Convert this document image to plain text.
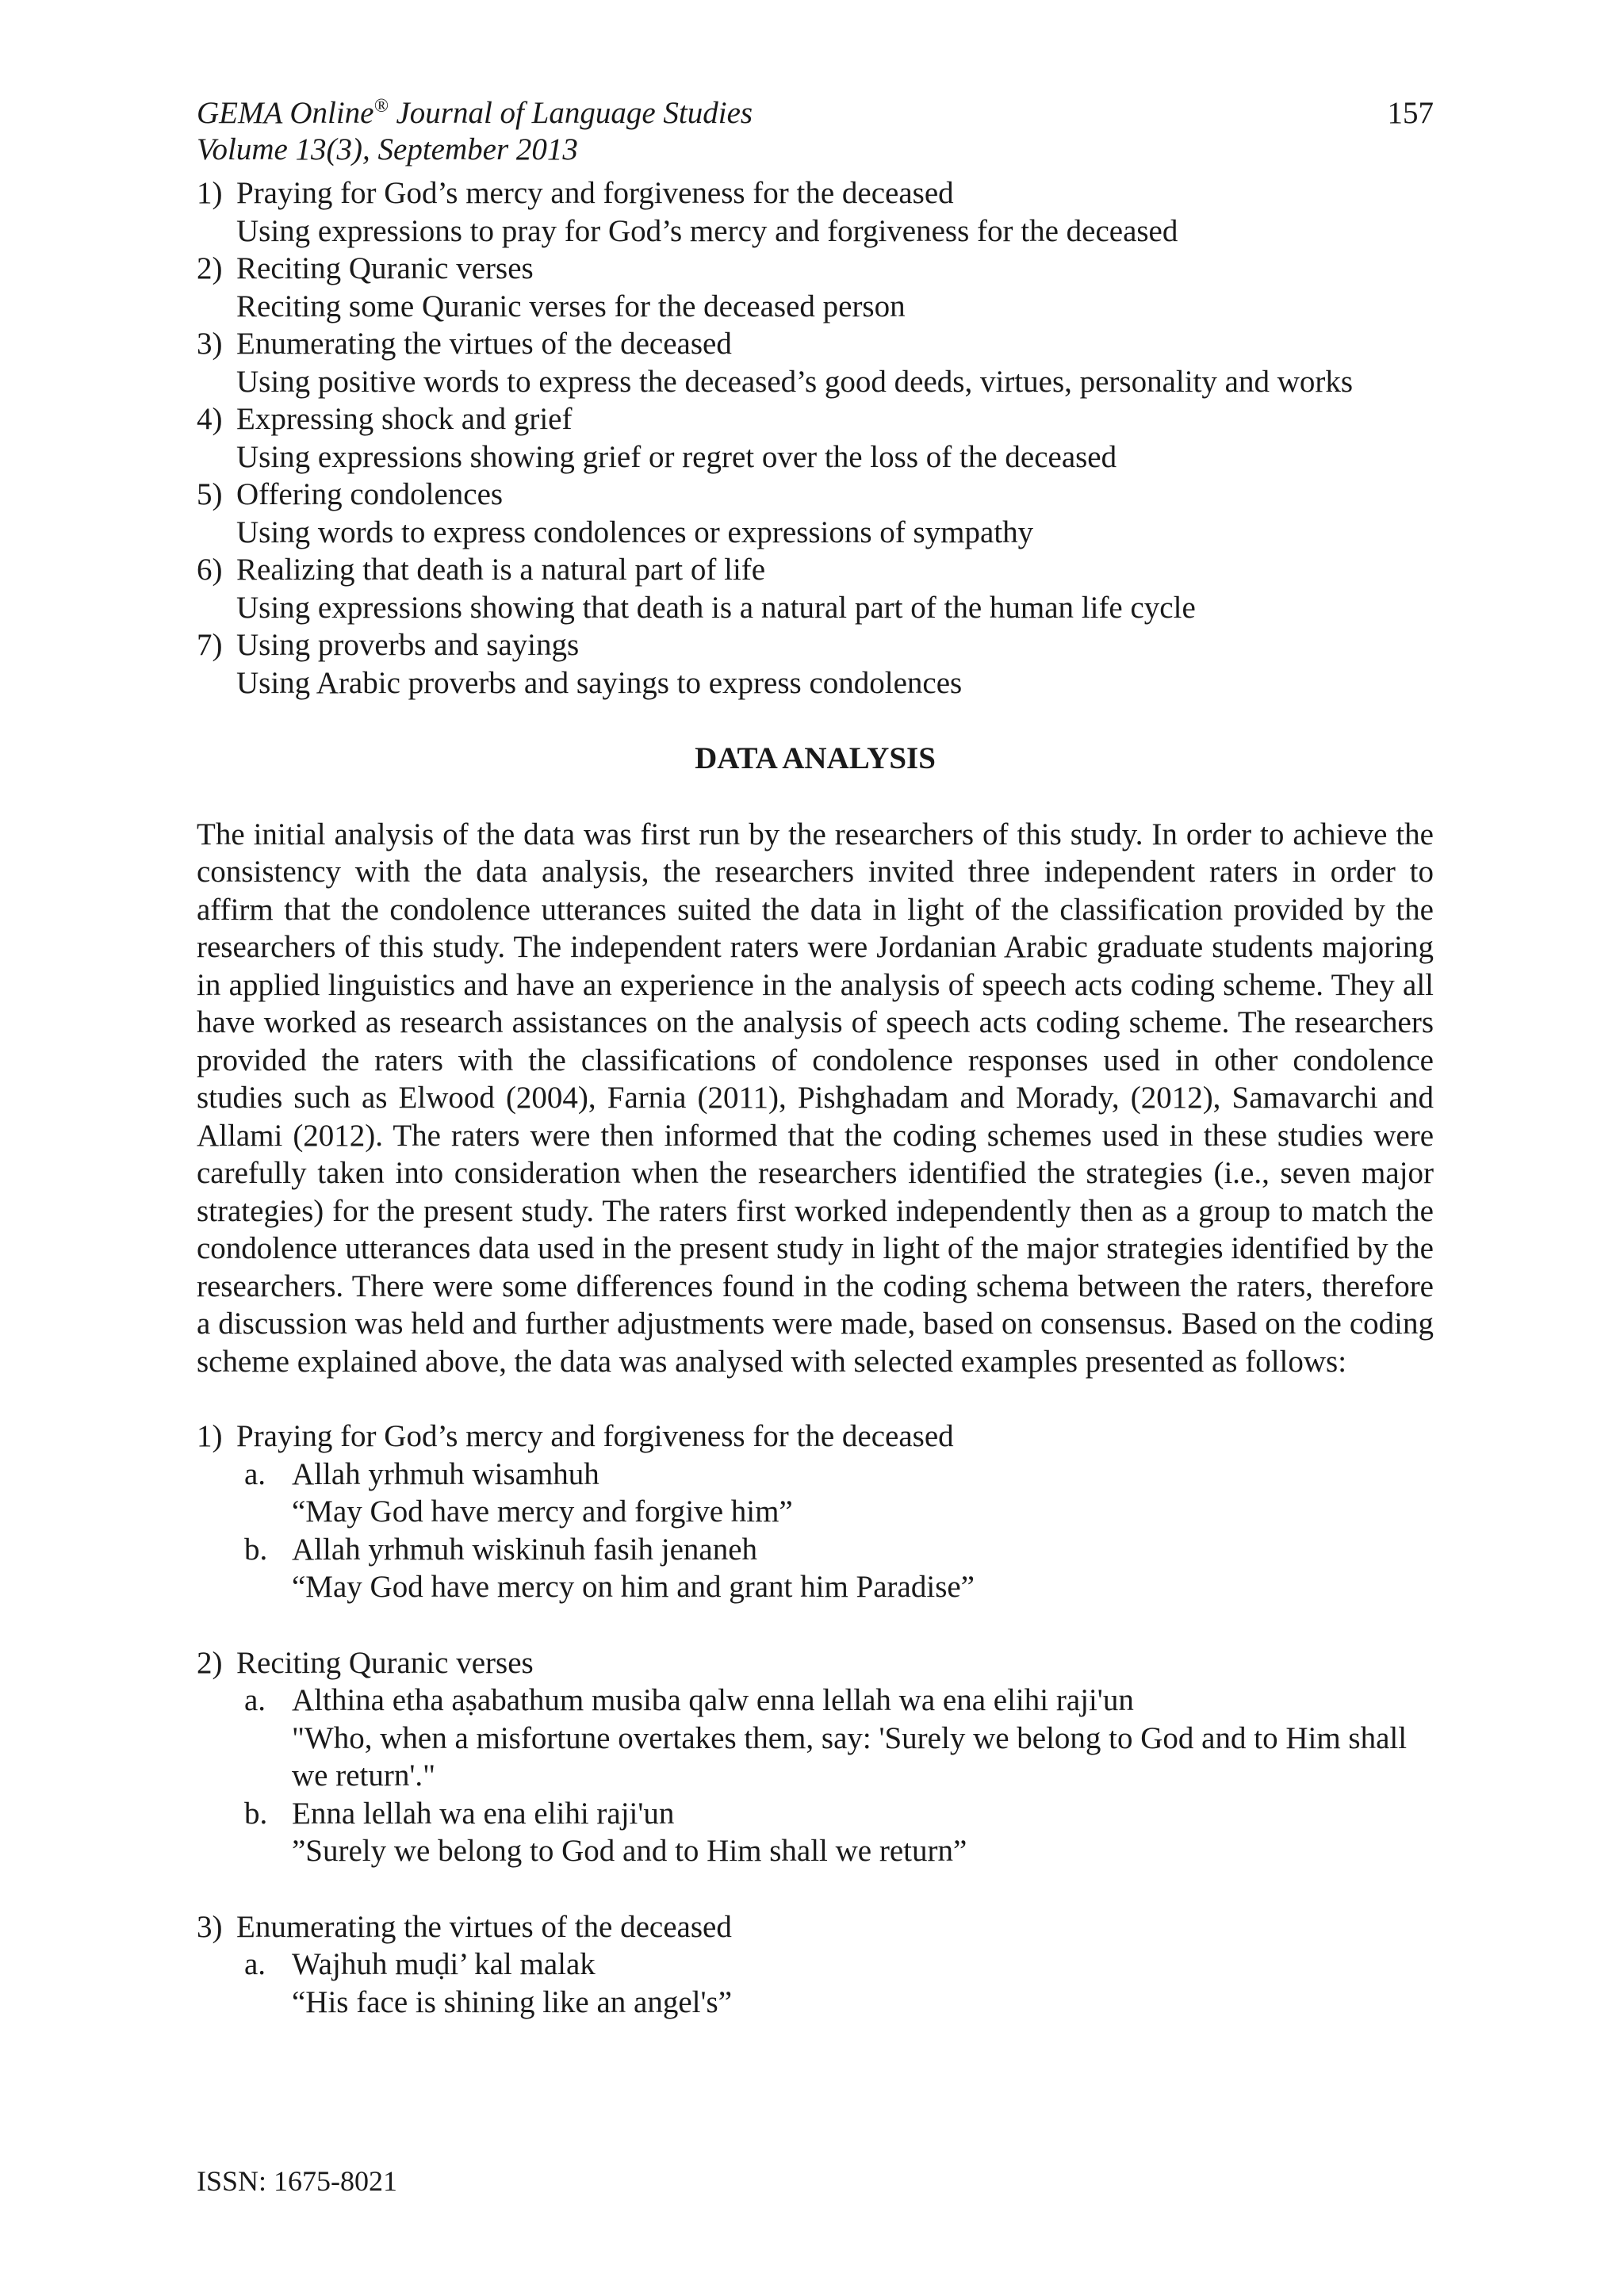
GEMA Online® Journal of Language Studies
Volume 13(3), September 2013
157
1) Praying for God’s mercy and forgiveness for the deceased
Using expressions to pray for God’s mercy and forgiveness for the deceased
2) Reciting Quranic verses
Reciting some Quranic verses for the deceased person
3) Enumerating the virtues of the deceased
Using positive words to express the deceased’s good deeds, virtues, personality and works
4) Expressing shock and grief
Using expressions showing grief or regret over the loss of the deceased
5) Offering condolences
Using words to express condolences or expressions of sympathy
6) Realizing that death is a natural part of life
Using expressions showing that death is a natural part of the human life cycle
7) Using proverbs and sayings
Using Arabic proverbs and sayings to express condolences
DATA ANALYSIS
The initial analysis of the data was first run by the researchers of this study. In order to achieve the consistency with the data analysis, the researchers invited three independent raters in order to affirm that the condolence utterances suited the data in light of the classification provided by the researchers of this study. The independent raters were Jordanian Arabic graduate students majoring in applied linguistics and have an experience in the analysis of speech acts coding scheme. They all have worked as research assistances on the analysis of speech acts coding scheme. The researchers provided the raters with the classifications of condolence responses used in other condolence studies such as Elwood (2004), Farnia (2011), Pishghadam and Morady, (2012), Samavarchi and Allami (2012). The raters were then informed that the coding schemes used in these studies were carefully taken into consideration when the researchers identified the strategies (i.e., seven major strategies) for the present study. The raters first worked independently then as a group to match the condolence utterances data used in the present study in light of the major strategies identified by the researchers. There were some differences found in the coding schema between the raters, therefore a discussion was held and further adjustments were made, based on consensus. Based on the coding scheme explained above, the data was analysed with selected examples presented as follows:
1) Praying for God’s mercy and forgiveness for the deceased
a. Allah yrhmuh wisamhuh
“May God have mercy and forgive him”
b. Allah yrhmuh wiskinuh fasih jenaneh
“May God have mercy on him and grant him Paradise”
2) Reciting Quranic verses
a. Althina etha aṣabathum musiba qalw enna lellah wa ena elihi raji'un
"Who, when a misfortune overtakes them, say: 'Surely we belong to God and to Him shall we return'."
b. Enna lellah wa ena elihi raji'un
”Surely we belong to God and to Him shall we return”
3) Enumerating the virtues of the deceased
a. Wajhuh muḍi’ kal malak
“His face is shining like an angel's”
ISSN: 1675-8021
